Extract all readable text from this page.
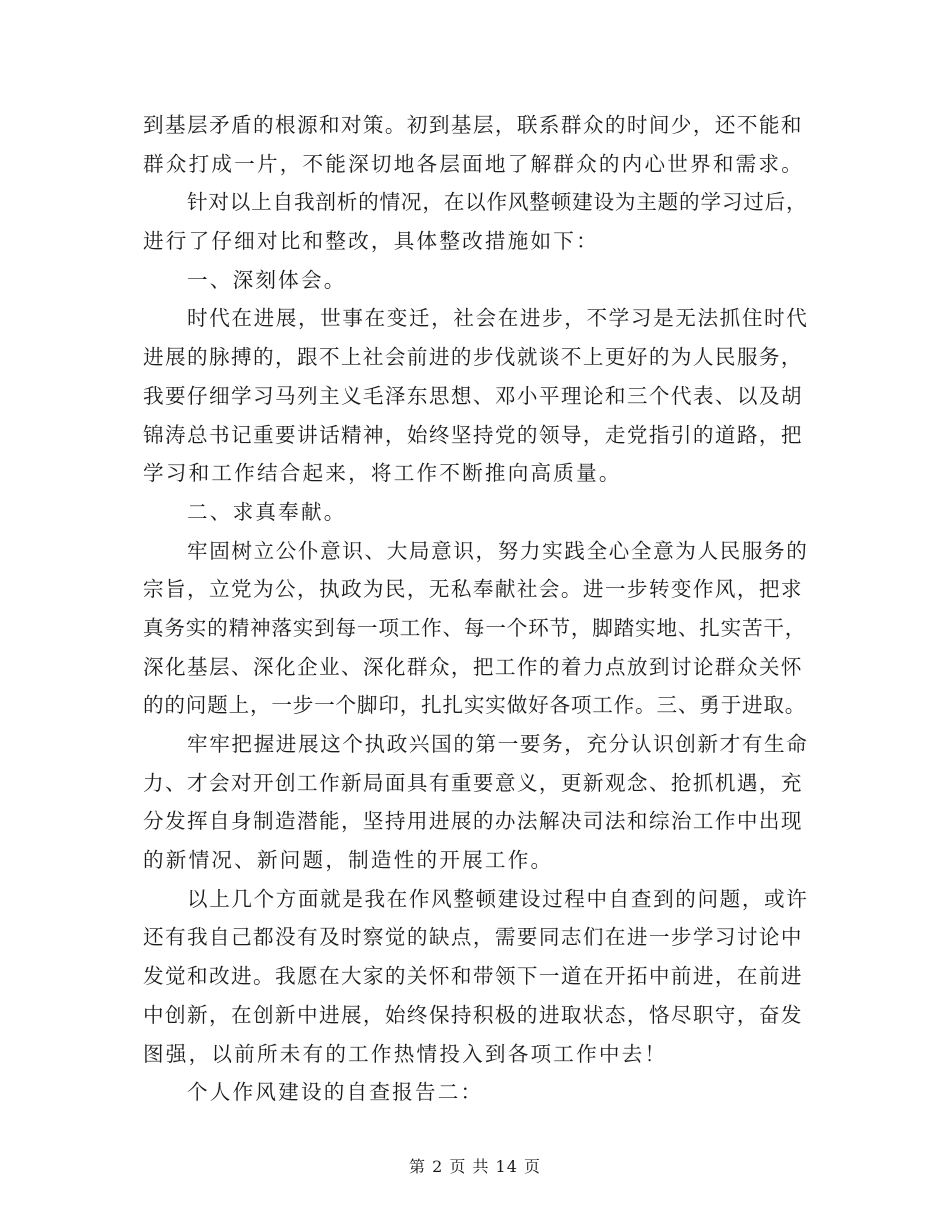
到基层矛盾的根源和对策。初到基层，联系群众的时间少，还不能和
群众打成一片，不能深切地各层面地了解群众的内心世界和需求。
针对以上自我剖析的情况，在以作风整顿建设为主题的学习过后，
进行了仔细对比和整改，具体整改措施如下：
一、深刻体会。
时代在进展，世事在变迁，社会在进步，不学习是无法抓住时代
进展的脉搏的，跟不上社会前进的步伐就谈不上更好的为人民服务，
我要仔细学习马列主义毛泽东思想、邓小平理论和三个代表、以及胡
锦涛总书记重要讲话精神，始终坚持党的领导，走党指引的道路，把
学习和工作结合起来，将工作不断推向高质量。
二、求真奉献。
牢固树立公仆意识、大局意识，努力实践全心全意为人民服务的
宗旨，立党为公，执政为民，无私奉献社会。进一步转变作风，把求
真务实的精神落实到每一项工作、每一个环节，脚踏实地、扎实苦干，
深化基层、深化企业、深化群众，把工作的着力点放到讨论群众关怀
的的问题上，一步一个脚印，扎扎实实做好各项工作。三、勇于进取。
牢牢把握进展这个执政兴国的第一要务，充分认识创新才有生命
力、才会对开创工作新局面具有重要意义，更新观念、抢抓机遇，充
分发挥自身制造潜能，坚持用进展的办法解决司法和综治工作中出现
的新情况、新问题，制造性的开展工作。
以上几个方面就是我在作风整顿建设过程中自查到的问题，或许
还有我自己都没有及时察觉的缺点，需要同志们在进一步学习讨论中
发觉和改进。我愿在大家的关怀和带领下一道在开拓中前进，在前进
中创新，在创新中进展，始终保持积极的进取状态，恪尽职守，奋发
图强，以前所未有的工作热情投入到各项工作中去！
个人作风建设的自查报告二：
第 2 页 共 14 页
